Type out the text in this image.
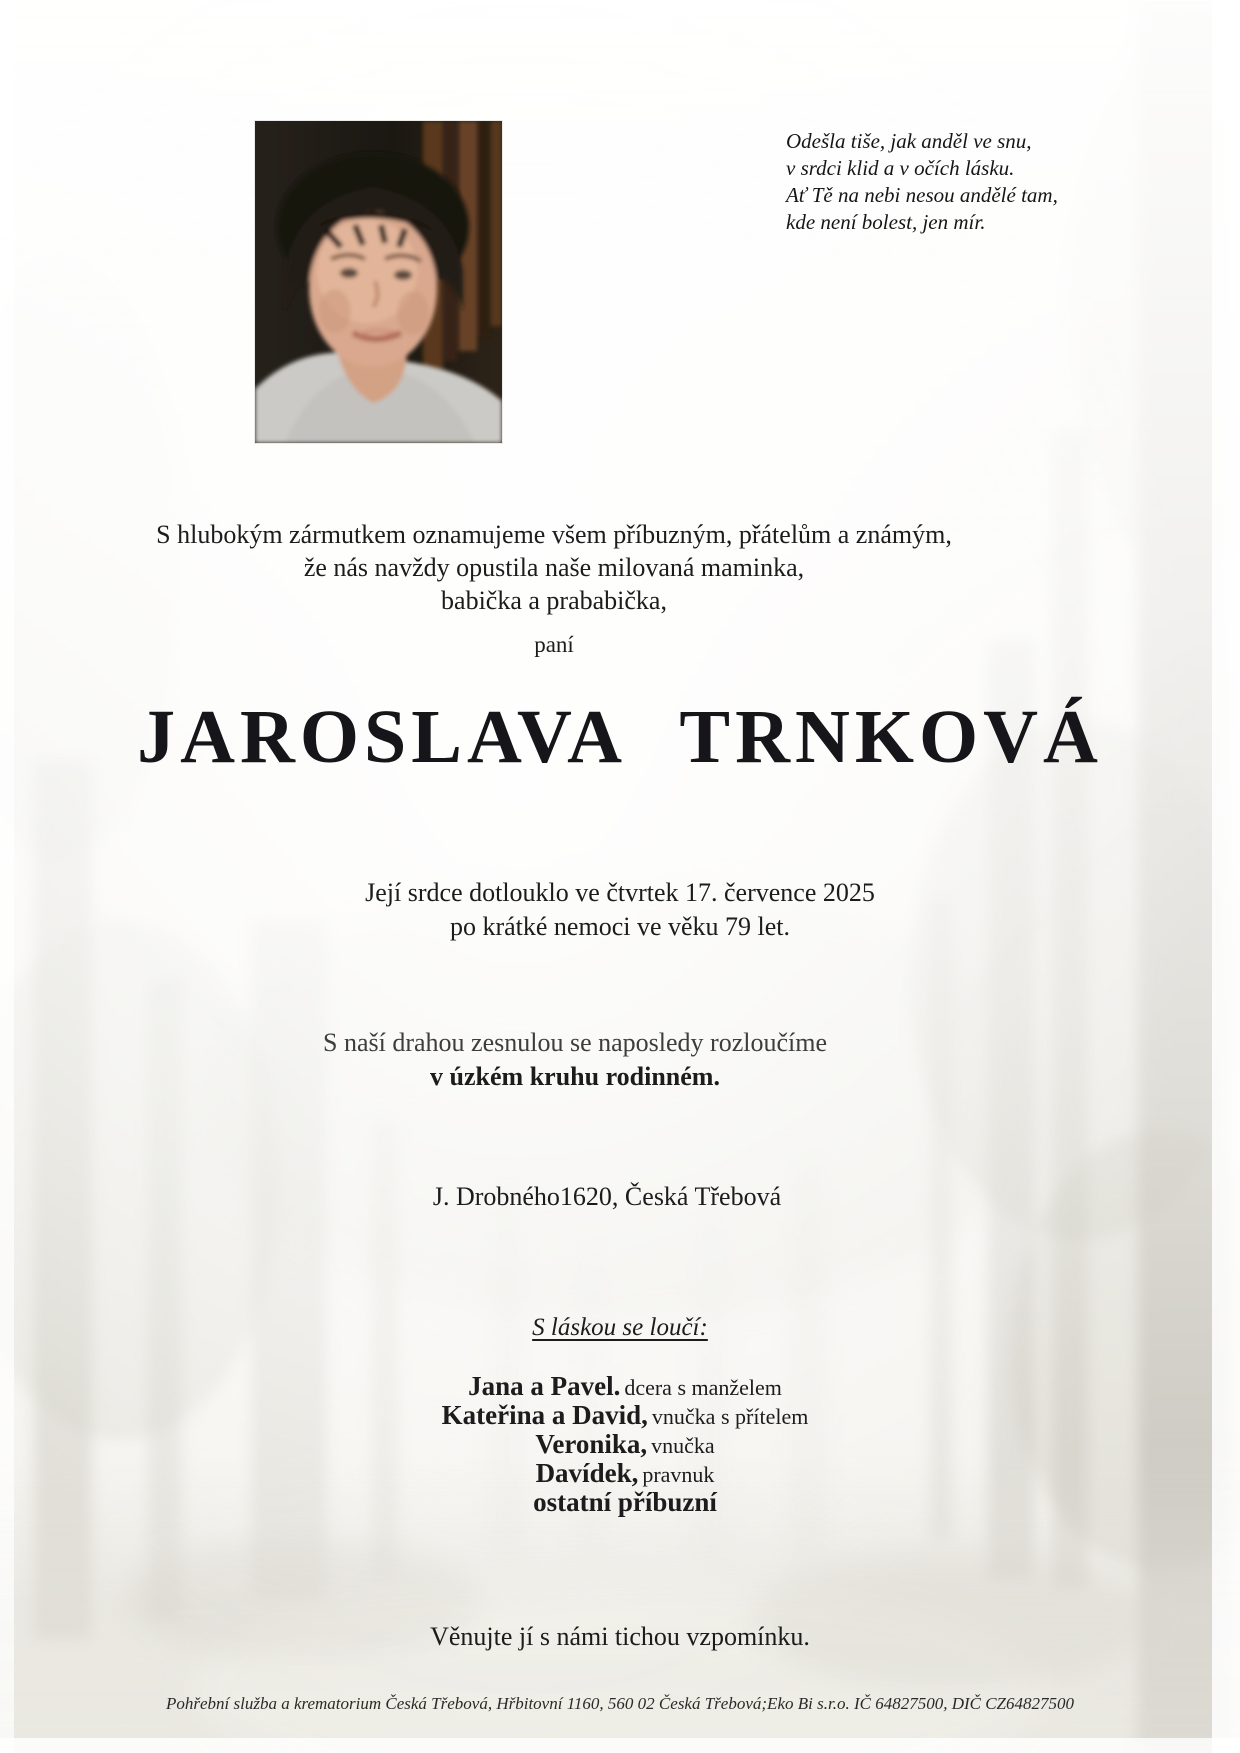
Odešla tiše, jak anděl ve snu,
v srdci klid a v očích lásku.
Ať Tě na nebi nesou andělé tam,
kde není bolest, jen mír.
S hlubokým zármutkem oznamujeme všem příbuzným, přátelům a známým,
že nás navždy opustila naše milovaná maminka,
babička a prababička,
paní
JAROSLAVA TRNKOVÁ
Její srdce dotlouklo ve čtvrtek 17. července 2025
po krátké nemoci ve věku 79 let.
S naší drahou zesnulou se naposledy rozloučíme
v úzkém kruhu rodinném.
J. Drobného1620, Česká Třebová
S láskou se loučí:
Jana a Pavel. dcera s manželem
Kateřina a David, vnučka s přítelem
Veronika, vnučka
Davídek, pravnuk
ostatní příbuzní
Věnujte jí s námi tichou vzpomínku.
Pohřební služba a krematorium Česká Třebová, Hřbitovní 1160, 560 02 Česká Třebová;Eko Bi s.r.o. IČ 64827500, DIČ CZ64827500
